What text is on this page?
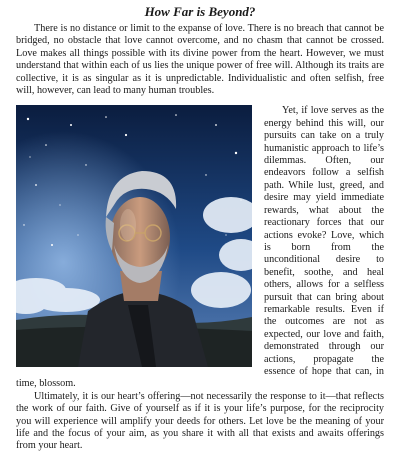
How Far is Beyond?

There is no distance or limit to the expanse of love. There is no breach that cannot be bridged, no obstacle that love cannot overcome, and no chasm that cannot be crossed. Love makes all things possible with its divine power from the heart. However, we must understand that within each of us lies the unique power of free will. Although its traits are collective, it is as singular as it is unpredictable. Individualistic and often selfish, free will, however, can lead to many human troubles.

Yet, if love serves as the energy behind this will, our pursuits can take on a truly humanistic approach to life’s dilemmas. Often, our endeavors follow a selfish path. While lust, greed, and desire may yield immediate rewards, what about the reactionary forces that our actions evoke? Love, which is born from the unconditional desire to benefit, soothe, and heal others, allows for a selfless pursuit that can bring about remarkable results. Even if the outcomes are not as expected, our love and faith, demonstrated through our actions, propagate the essence of hope that can, in time, blossom.

Ultimately, it is our heart’s offering—not necessarily the response to it—that reflects the work of our faith. Give of yourself as if it is your life’s purpose, for the reciprocity you will experience will amplify your deeds for others. Let love be the meaning of your life and the focus of your aim, as you share it with all that exists and awaits offerings from your heart.
